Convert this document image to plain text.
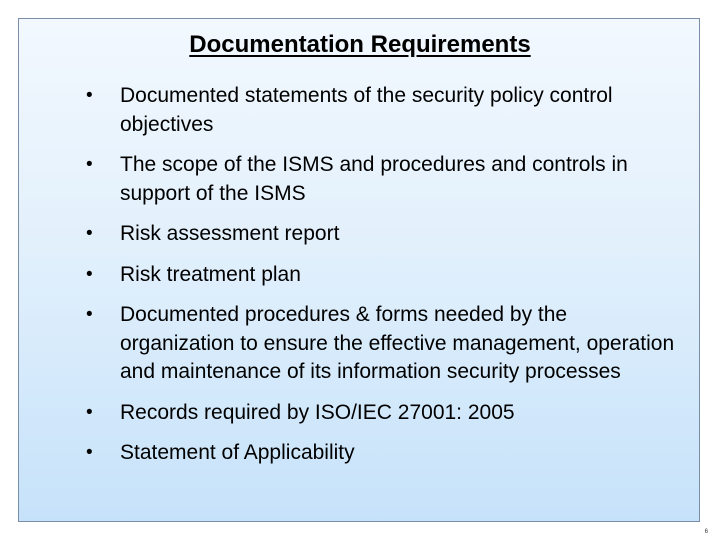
Documentation Requirements
• Documented statements of the security policy control objectives
• The scope of the ISMS and procedures and controls in support of the ISMS
• Risk assessment report
• Risk treatment plan
• Documented procedures & forms needed by the organization to ensure the effective management, operation and maintenance of its information security processes
• Records required by ISO/IEC 27001: 2005
• Statement of Applicability
6
